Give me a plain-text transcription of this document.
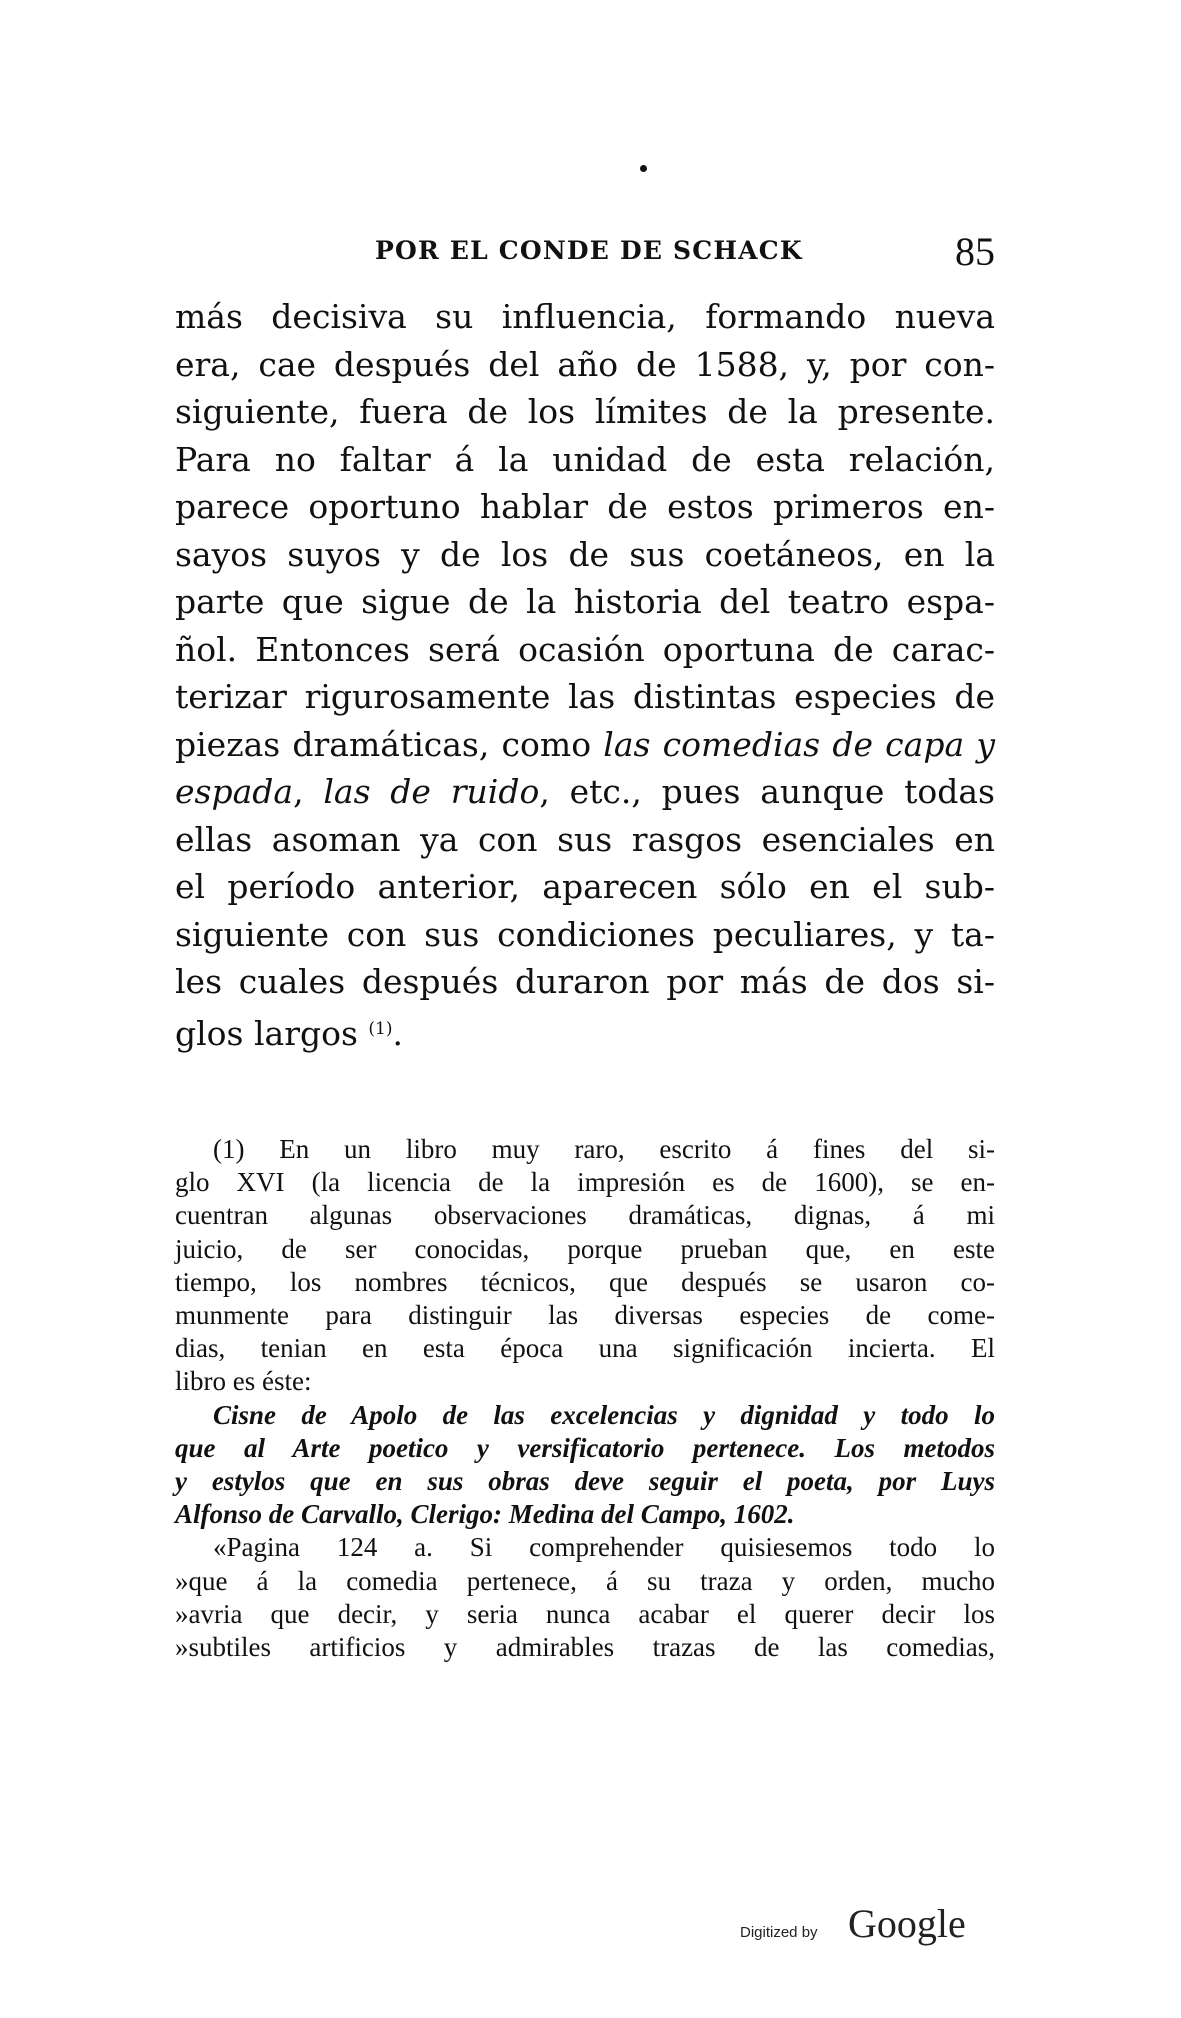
POR EL CONDE DE SCHACK	85
más decisiva su influencia, formando nueva
era, cae después del año de 1588, y, por con-
siguiente, fuera de los límites de la presente.
Para no faltar á la unidad de esta relación,
parece oportuno hablar de estos primeros en-
sayos suyos y de los de sus coetáneos, en la
parte que sigue de la historia del teatro espa-
ñol. Entonces será ocasión oportuna de carac-
terizar rigurosamente las distintas especies de
piezas dramáticas, como las comedias de capa y
espada, las de ruido, etc., pues aunque todas
ellas asoman ya con sus rasgos esenciales en
el período anterior, aparecen sólo en el sub-
siguiente con sus condiciones peculiares, y ta-
les cuales después duraron por más de dos si-
glos largos $^{(1)}$.
(1) En un libro muy raro, escrito á fines del si-
glo XVI (la licencia de la impresión es de 1600), se en-
cuentran algunas observaciones dramáticas, dignas, á mi
juicio, de ser conocidas, porque prueban que, en este
tiempo, los nombres técnicos, que después se usaron co-
munmente para distinguir las diversas especies de come-
dias, tenian en esta época una significación incierta. El
libro es éste:
Cisne de Apolo de las excelencias y dignidad y todo lo
que al Arte poetico y versificatorio pertenece. Los metodos
y estylos que en sus obras deve seguir el poeta, por Luys
Alfonso de Carvallo, Clerigo: Medina del Campo, 1602.
«Pagina 124 a. Si comprehender quisiesemos todo lo
»que á la comedia pertenece, á su traza y orden, mucho
»avria que decir, y seria nunca acabar el querer decir los
»subtiles artificios y admirables trazas de las comedias,
Digitized by Google
